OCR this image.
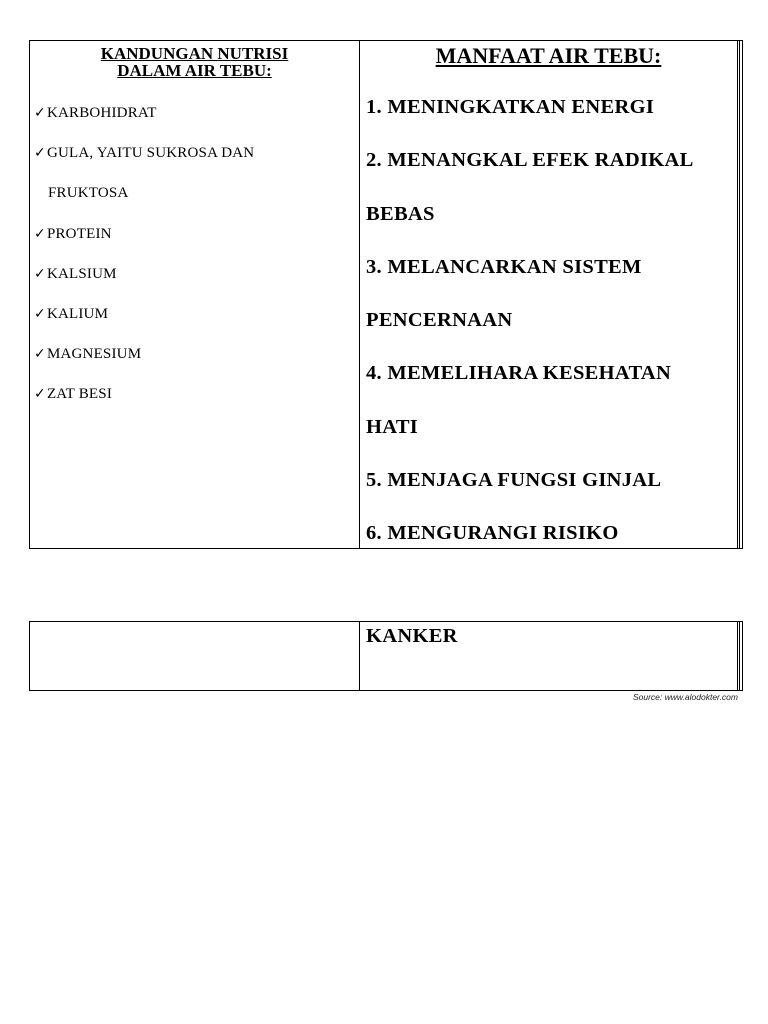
KANDUNGAN NUTRISI
DALAM AIR TEBU:
✓KARBOHIDRAT
✓GULA, YAITU SUKROSA DAN
FRUKTOSA
✓PROTEIN
✓KALSIUM
✓KALIUM
✓MAGNESIUM
✓ZAT BESI
MANFAAT AIR TEBU:
1. MENINGKATKAN ENERGI
2. MENANGKAL EFEK RADIKAL
BEBAS
3. MELANCARKAN SISTEM
PENCERNAAN
4. MEMELIHARA KESEHATAN
HATI
5. MENJAGA FUNGSI GINJAL
6. MENGURANGI RISIKO
KANKER
Source: www.alodokter.com
